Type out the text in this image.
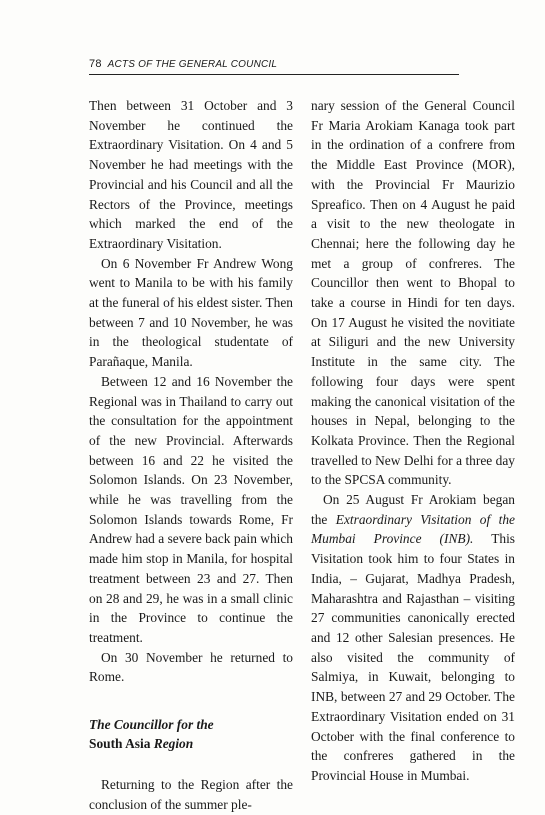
78 ACTS OF THE GENERAL COUNCIL

Then between 31 October and 3 November he continued the Extraordinary Visitation. On 4 and 5 November he had meetings with the Provincial and his Council and all the Rectors of the Province, meetings which marked the end of the Extraordinary Visitation.

On 6 November Fr Andrew Wong went to Manila to be with his family at the funeral of his eldest sister. Then between 7 and 10 November, he was in the theological studentate of Parañaque, Manila.

Between 12 and 16 November the Regional was in Thailand to carry out the consultation for the appointment of the new Provincial. Afterwards between 16 and 22 he visited the Solomon Islands. On 23 November, while he was travelling from the Solomon Islands towards Rome, Fr Andrew had a severe back pain which made him stop in Manila, for hospital treatment between 23 and 27. Then on 28 and 29, he was in a small clinic in the Province to continue the treatment.

On 30 November he returned to Rome.

The Councillor for the
South Asia Region

Returning to the Region after the conclusion of the summer ple-

nary session of the General Council Fr Maria Arokiam Kanaga took part in the ordination of a confrere from the Middle East Province (MOR), with the Provincial Fr Maurizio Spreafico. Then on 4 August he paid a visit to the new theologate in Chennai; here the following day he met a group of confreres. The Councillor then went to Bhopal to take a course in Hindi for ten days. On 17 August he visited the novitiate at Siliguri and the new University Institute in the same city. The following four days were spent making the canonical visitation of the houses in Nepal, belonging to the Kolkata Province. Then the Regional travelled to New Delhi for a three day to the SPCSA community.

On 25 August Fr Arokiam began the Extraordinary Visitation of the Mumbai Province (INB). This Visitation took him to four States in India, – Gujarat, Madhya Pradesh, Maharashtra and Rajasthan – visiting 27 communities canonically erected and 12 other Salesian presences. He also visited the community of Salmiya, in Kuwait, belonging to INB, between 27 and 29 October. The Extraordinary Visitation ended on 31 October with the final conference to the confreres gathered in the Provincial House in Mumbai.
